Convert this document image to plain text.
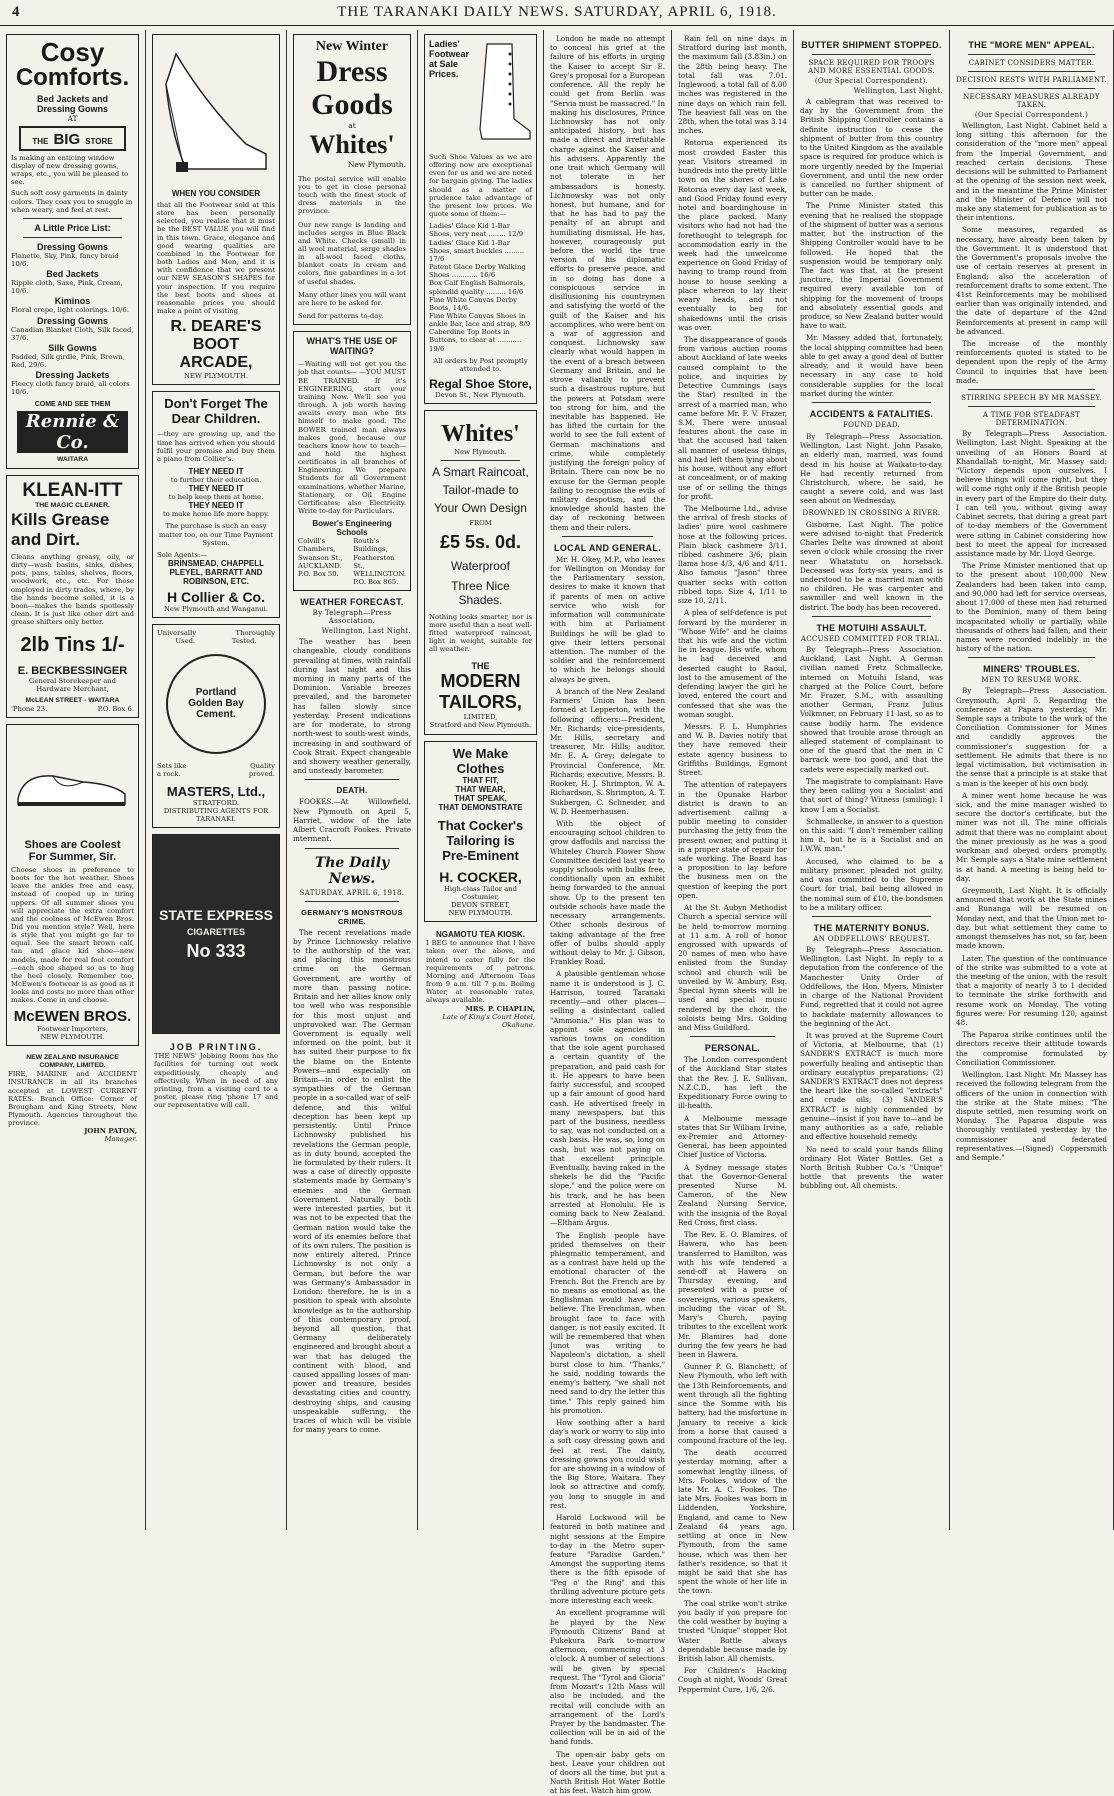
4	THE TARANAKI DAILY NEWS. SATURDAY, APRIL 6, 1918.
Cosy
Comforts.
Bed Jackets and
Dressing Gowns
AT
THE BIG STORE
Is making an enticing window display of new dressing gowns, wraps, etc., you will be pleased to see.
Such soft cosy garments in dainty colors. They coax you to snuggle in when weary, and feel at rest.
A Little Price List:
Dressing Gowns
Flanette, Sky, Pink, fancy braid 10/6.
Bed Jackets
Ripple cloth, Saxe, Pink, Cream, 10/6.
Kiminos
Floral crepe, light colorings. 10/6.
Dressing Gowns
Canadian Blanket Cloth, Silk faced, 37/6.
Silk Gowns
Padded, Silk girdle, Pink, Brown, Red, 29/6.
Dressing Jackets
Fleecy cloth fancy braid, all colors 10/6.
COME AND SEE THEM
Rennie & Co.
WAITARA
KLEAN-ITT
THE MAGIC CLEANER.
Kills Grease
and Dirt.
Cleans anything greasy, oily, or dirty—wash basins, sinks, dishes, pots, pans, tables, shelves, floors, woodwork, etc., etc. For those employed in dirty trades, where, by the hands become soiled, it is a boon—makes the hands spotlessly clean. It is just like other dirt and grease shifters only better.
2lb Tins 1/-
E. BECKBESSINGER
General Storekeeper and Hardware Merchant,
McLEAN STREET - WAITARA
'Phone 23.	P.O. Box 6.
Shoes are Coolest
For Summer, Sir.
Choose shoes in preference to boots for the hot weather. Shoes leave the ankles free and easy, instead of cooped up in tiring uppers. Of all summer shoes you will appreciate the extra comfort and the coolness of McEwen Bros. Did you mention style? Well, here is style that you might go far to equal. See the smart brown calf, tan and glace kid shoe—new models, made for real foot comfort—each shoe shaped so as to hug the heel closely. Remember too, McEwen's footwear is as good as it looks and costs no more than other makes. Come in and choose.
McEWEN BROS.
Footwear Importers,
NEW PLYMOUTH.
NEW ZEALAND INSURANCE COMPANY, LIMITED.
FIRE, MARINE and ACCIDENT INSURANCE in all its branches accepted at LOWEST CURRENT RATES. Branch Office: Corner of Brougham and King Streets, New Plymouth. Agencies throughout the province.
JOHN PATON,
Manager.
WHEN YOU CONSIDER
that all the Footwear sold at this store has been personally selected, you realise that it must be the BEST VALUE you will find in this town. Grace, elegance and good wearing qualities are combined in the Footwear for both Ladies and Men, and it is with confidence that we present our NEW SEASON'S SHAPES for your inspection. If you require the best boots and shoes at reasonable prices you should make a point of visiting
R. DEARE'S
BOOT
ARCADE,
NEW PLYMOUTH.
Don't Forget The
Dear Children.
—they are growing up, and the time has arrived when you should fulfil your promise and buy them a piano from Collier's.
THEY NEED IT
to further their education.
THEY NEED IT
to help keep them at home.
THEY NEED IT
to make home life more happy.
The purchase is such an easy matter too, on our Time Payment System.
Sole Agents:—
BRINSMEAD, CHAPPELL PLEYEL, BARRATT AND ROBINSON, ETC.
H Collier & Co.
New Plymouth and Wanganui.
Universally	Thoroughly
Used.	Tested.
Portland
Golden Bay
Cement.
Sets like	Quality
a rock.	proved.
MASTERS, Ltd.,
STRATFORD.
DISTRIBUTING AGENTS FOR TARANAKI.
STATE EXPRESS
CIGARETTES
No 333
JOB PRINTING.
THE NEWS' Jobbing Room has the facilities for turning out work expeditiously, cheaply and effectively. When in need of any printing, from a visiting card to a poster, please ring 'phone 17 and our representative will call.
New Winter
Dress
Goods
at
Whites'
New Plymouth.
The postal service will enable you to get in close personal touch with the finest stock of dress materials in the province.
Our new range is landing and includes serges in Blue Black and White. Checks (small) in all wool material, serge shades in all-wool faced cloths, blanket coats in cream and colors, fine gabardines in a lot of useful shades.
Many other lines you will want are here to be asked for.
Send for patterns to-day.
WHAT'S THE USE OF WAITING?
—Waiting will not get you the job that counts— —YOU MUST BE TRAINED. If it's ENGINEERING, start your training Now. We'll see you through. A job worth having awaits every man who fits himself to make good. The BOWER trained man always makes good, because our teachers know how to teach—and hold the highest certificates in all branches of Engineering. We prepare Students for all Government examinations, whether Marine, Stationary, or Oil Engine Certificates; also Electricity. Write to-day for Particulars.
Bower's Engineering Schools
Colvill's Chambers, Swanson St., AUCKLAND. P.O. Box 50.
Routh's Buildings, Featherston St., WELLINGTON. P.O. Box 865.
WEATHER FORECAST.
By Telegraph—Press Association.
Wellington, Last Night.

The weather has been changeable, cloudy conditions prevailing at times, with rainfall during last night and this morning in many parts of the Dominion. Variable breezes prevailed, and the barometer has fallen slowly since yesterday. Present indications are for moderate, to strong north-west to south-west winds, increasing in and southward of Cook Strait. Expect changeable and showery weather generally, and unsteady barometer.

DEATH.

FOOKES.—At Willowfield, New Plymouth on April 5, Harriet, widow of the late Albert Cracroft Fookes. Private interment.

The Daily News.
SATURDAY, APRIL 6, 1918.
GERMANY'S MONSTROUS CRIME.

The recent revelations made by Prince Lichnowsky relative to the authorship of the war, and placing this monstrous crime on the German Government, are worthy of more than passing notice. Britain and her allies know only too well who was responsible for this most unjust and unprovoked war. The German Government is equally well informed on the point, but it has suited their purpose to fix the blame on the Entente Powers—and especially on Britain—in order to enlist the sympathies of the German people in a so-called war of self-defence, and this wilful deception has been kept up persistently. Until Prince Lichnowsky published his revelations the German people, as in duty bound, accepted the lie formulated by their rulers. It was a case of directly opposite statements made by Germany's enemies and the German Government. Naturally both were interested parties, but it was not to be expected that the German nation would take the word of its enemies before that of its own rulers. The position is now entirely altered. Prince Lichnowsky is not only a German, but before the war was Germany's Ambassador in London; therefore, he is in a position to speak with absolute knowledge as to the authorship of this contemporary proof, beyond all question, that Germany deliberately engineered and brought about a war that has deluged the continent with blood, and caused appalling losses of man-power and treasure, besides devastating cities and country, destroying ships, and causing unspeakable suffering, the traces of which will be visible for many years to come.

Ladies'
Footwear
at Sale
Prices.
Such Shoe Values as we are offering now are exceptional even for us and we are noted for bargain giving. The ladies should as a matter of prudence take advantage of the present low prices. We quote some of them:—
Ladies' Glace Kid 1-Bar Shoes, very neat ........ 12/9
Ladies' Glace Kid 1-Bar Shoes, smart buckles ......... 17/6
Patent Glace Derby Walking Shoes ............ 16/6
Box Calf English Balmorals, splendid quality ......... 16/6
Fine White Canvas Derby Boots, 14/6.
Fine White Canvas Shoes in ankle Bar, lace and strap, 8/9
Caberdine Top Boots in Buttons, to clear at ........... 19/6
All orders by Post promptly attended to.
Regal Shoe Store,
Devon St., New Plymouth.
Whites'
New Plymouth.
A Smart Raincoat,
Tailor-made to
Your Own Design
FROM
£5 5s. 0d.
Waterproof
Three Nice
Shades.
Nothing looks smarter, nor is more useful than a neat well-fitted waterproof raincoat, light in weight, suitable for all weather.
THE
MODERN
TAILORS,
LIMITED,
Stratford and New Plymouth.
We Make Clothes
THAT FIT,
THAT WEAR,
THAT SPEAK,
THAT DEMONSTRATE
That Cocker's
Tailoring is
Pre-Eminent
H. COCKER,
High-class Tailor and Costumier,
DEVON STREET,
NEW PLYMOUTH.
NGAMOTU TEA KIOSK.
I BEG to announce that I have taken over the above, and intend to cater fully for the requirements of patrons. Morning and Afternoon Teas from 9 a.m. till 7 p.m. Boiling Water, at reasonable rates, always available.
MRS. P. CHAPLIN,
Late of King's Court Hotel, Okahune.

London he made no attempt to conceal his grief at the failure of his efforts in urging the Kaiser to accept Sir E. Grey's proposal for a European conference. All the reply he could get from Berlin was "Servia must be massacred." In making his disclosures, Prince Lichnowsky has not only anticipated history, but has made a direct and irrefutable charge against the Kaiser and his advisers. Apparently the one trait which Germany will not tolerate in her ambassadors is honesty. Lichnowsky was not only honest, but humane, and for that he has had to pay the penalty of an abrupt and humiliating dismissal. He has, however, courageously put before the world the true version of his diplomatic efforts to preserve peace, and in so doing has done a conspicuous service in disillusioning his countrymen and satisfying the world of the guilt of the Kaiser and his accomplices, who were bent on a war of aggression and conquest. Lichnowsky saw clearly what would happen in the event of a breach between Germany and Britain, and he strove valiantly to prevent such a disastrous rupture, but the powers at Potsdam were too strong for him, and the inevitable has happened. He has lifted the curtain for the world to see the full extent of German machinations and crime, while completely justifying the foreign policy of Britain. There can now be no excuse for the German people failing to recognise the evils of military despotism, and the knowledge should hasten the day of reckoning between them and their rulers.

LOCAL AND GENERAL.

Mr. H. Okey, M.P., who leaves for Wellington on Monday for the Parliamentary session, desires to make it known that if parents of men on active service who wish for information will communicate with him at Parliament Buildings he will be glad to give their letters personal attention. The number of the soldier and the reinforcement to which he belongs should always be given.

A branch of the New Zealand Farmers' Union has been formed at Lepperton, with the following officers:—President, Mr. Richards; vice-presidents, Mr. Hills, secretary and treasurer, Mr. Hills; auditor, Mr. E. A. Grey; delegate to Provincial Conference, Mr. Richards; executive, Messrs. B. Rooker, H. J. Shrimpton, W. A. Richardson, S. Shrimpton, A. T. Sukbergen, C. Schneider, and W. D. Heemerhausen.

With the object of encouraging school children to grow daffodils and narcissi the Whiteley Church Flower Show Committee decided last year to supply schools with bulbs free, conditionally upon an exhibit being forwarded to the annual show. Up to the present ten outside schools have made the necessary arrangements. Other schools desirous of taking advantage of the free offer of bulbs should apply without delay to Mr. J. Gibson, Frankley Road.

A plausible gentleman whose name it is understood is J. C. Harrison, toured Taranaki recently—and other places—selling a disinfectant called "Ammonia." His plan was to appoint sole agencies in various towns on condition that the sole agent purchased a certain quantity of the preparation, and paid cash for it. He appears to have been fairly successful, and scooped up a fair amount of good hard cash. He advertised freely in many newspapers, but this part of the business, needless to say, was not conducted on a cash basis. He was, so, long on cash, but was not paying on that excellent principle. Eventually, having raked in the shekels he did the "Pacific slope," and the police were on his track, and he has been arrested at Honolulu. He is coming back to New Zealand.—Eltham Argus.

The English people have prided themselves on their phlegmatic temperament, and as a contrast have held up the emotional character of the French. But the French are by no means as emotional as the Englishman would have one believe. The Frenchman, when brought face to face with danger, is not easily excited. It will be remembered that when Junot was writing to Napoleon's dictation, a shell burst close to him. "Thanks," he said, nodding towards the enemy's battery, "we shall not need sand to dry the letter this time." This reply gained him his promotion.

How soothing after a hard day's work or worry to slip into a soft cosy dressing gown and feel at rest. The dainty, dressing gowns you could wish for are showing in a window of the Big Store, Waitara. They look so attractive and comfy, you long to snuggle in and rest.

Harold Lockwood will be featured in both matinee and night sessions at the Empire to-day in the Metro super-feature "Paradise Garden." Amongst the supporting items there is the fifth episode of "Peg o' the Ring" and this thrilling adventure picture gets more interesting each week.

An excellent programme will be played by the New Plymouth Citizens' Band at Pukekura Park to-morrow afternoon, commencing at 3 o'clock. A number of selections will be given by special request. The "Tyrol and Gloria" from Mozart's 12th Mass will also be included, and the recital will conclude with an arrangement of the Lord's Prayer by the bandmaster. The collection will be in aid of the band funds.

The open-air baby gets on best. Leave your children out of doors all the time, but put a North British Hot Water Bottle at his feet. Watch him grow.

Rain fell on nine days in Stratford during last month, the maximum fall (3.83in.) on the 28th being heavy. The total fall was 7.01. Inglewood, a total fall of 8.00 inches was registered in the nine days on which rain fell. The heaviest fall was on the 28th, when the total was 3.14 inches.

Rotorua experienced its most crowded Easter this year. Visitors streamed in hundreds into the pretty little town on the shores of Lake Rotorua every day last week, and Good Friday found every hotel and boardinghouse in the place packed. Many visitors who had not had the forethought to telegraph for accommodation early in the week had the unwelcome experience on Good Friday of having to tramp round from house to house seeking a place whereon to lay their weary heads, and not eventually to beg for shakedowns until the crisis was over.

The disappearance of goods from various auction rooms about Auckland of late weeks caused complaint to the police, and inquiries by Detective Cummings (says the Star) resulted in the arrest of a married man, who came before Mr. F. V. Frazer, S.M. There were unusual features about the case in that the accused had taken all manner of useless things, and had left them lying about his house, without any effort at concealment, or of making use of or selling the things for profit.

The Melbourne Ltd., advise the arrival of fresh stocks of ladies' pure wool cashmere hose at the following prices. Plain black cashmere 3/11, ribbed cashmere 3/6; plain llama hose 4/3, 4/6 and 4/11. Also famous "Jason" three quarter socks with cotton ribbed tops. Size 4, 1/11 to size 10, 2/11.

A plea of self-defence is put forward by the murderer in "Whose Wife" and he claims that his wife and the victim lie in league. His wife, whom he had deceived and deserted caught to Raoul, lost to the amusement of the defending lawyer the girl he loved, entered the court and confessed that she was the woman sought.

Messrs. F. L. Humphries and W. B. Davies notify that they have removed their estate agency business to Griffiths Buildings, Egmont Street.

The attention of ratepayers in the Opunake Harbor district is drawn to an advertisement calling a public meeting to consider purchasing the jetty from the present owner, and putting it in a proper state of repair for safe working. The Board has a proposition to lay before the business men on the question of keeping the port open.

At the St. Aubyn Methodist Church a special service will be held to-morrow morning at 11 a.m. A roll of honor engrossed with upwards of 20 names of men who have enlisted from the Sunday school and church will be unveiled by W. Ambury, Esq. Special hymn sheets will be used and special music rendered by the choir, the soloists being Mrs. Golding and Miss Guildford.

PERSONAL.

The London correspondent of the Auckland Star states that the Rev. J. E. Sullivan, N.Z.C.D., has left the Expeditionary Force owing to ill-health.

A Melbourne message states that Sir William Irvine, ex-Premier and Attorney-General, has been appointed Chief Justice of Victoria.

A Sydney message states that the Governor-General presented Nurse M. Cameron, of the New Zealand Nursing Service, with the insignia of the Royal Red Cross, first class.

The Rev. E. O. Blamires, of Hawera, who has been transferred to Hamilton, was with his wife tendered a send-off at Hawera on Thursday evening, and presented with a purse of sovereigns, various speakers, including the vicar of St. Mary's Church, paying tributes to the excellent work Mr. Blamires had done during the few years he had been in Hawera.

Gunner P. G. Blanchett, of New Plymouth, who left with the 13th Reinforcements, and went through all the fighting since the Somme with his battery, had the misfortune in January to receive a kick from a horse that caused a compound fracture of the leg.

The death occurred yesterday morning, after a somewhat lengthy illness, of Mrs. Fookes, widow of the late Mr. A. C. Fookes. The late Mrs. Fookes was born in Liddenden, Yorkshire, England, and came to New Zealand 64 years ago, settling at once in New Plymouth, from the same house, which was then her father's residence, so that it might be said that she has spent the whole of her life in the town.

The coal strike won't strike you badly if you prepare for the cold weather by buying a trusted "Unique" stopper Hot Water Bottle always dependable because made by British labor. All chemists.

For Children's Hacking Cough at night, Woods' Great Peppermint Cure, 1/6, 2/6.

BUTTER SHIPMENT STOPPED.
SPACE REQUIRED FOR TROOPS AND MORE ESSENTIAL GOODS.
(Our Special Correspondent).
Wellington, Last Night.

A cablegram that was received to-day by the Government from the British Shipping Controller contains a definite instruction to cease the shipment of butter from this country to the United Kingdom as the available space is required for produce which is more urgently needed by the Imperial Government, and until the new order is cancelled no further shipment of butter can be made.

The Prime Minister stated this evening that he realised the stoppage of the shipment of butter was a serious matter, but the instruction of the Shipping Controller would have to be followed. He hoped that the suspension would be temporary only. The fact was that, at the present juncture, the Imperial Government required every available ton of shipping for the movement of troops and absolutely essential goods and produce, so New Zealand butter would have to wait.

Mr. Massey added that, fortunately, the local shipping committee had been able to get away a good deal of butter already, and it would have been necessary in any case to hold considerable supplies for the local market during the winter.

ACCIDENTS & FATALITIES.
FOUND DEAD.

By Telegraph—Press Association. Wellington, Last Night. John Pasako, an elderly man, married, was found dead in his house at Waikato-to-day. He had recently returned from Christchurch, where, he said, he caught a severe cold, and was last seen about on Wednesday.

DROWNED IN CROSSING A RIVER.

Gisborne, Last Night. The police were advised to-night that Frederick Charles Delte was drowned at about seven o'clock while crossing the river near Whatatutu on horseback. Deceased was forty-six years, and is understood to be a married man with no children. He was carpenter and sawmiller and well known in the district. The body has been recovered.

THE MOTUIHI ASSAULT.
ACCUSED COMMITTED FOR TRIAL.

By Telegraph—Press Association. Auckland, Last Night. A German civilian named Fretz Schmallecke, interned on Motuihi Island, was charged at the Police Court, before Mr. Frazer, S.M., with assaulting another German, Franz Julius Volkmner, on February 11 last, so as to cause bodily harm. The evidence showed that trouble arose through an alleged statement of complainant to one of the guard that the men in C barrack were too good, and that the cadets were especially marked out.

The magistrate to complainant: Have they been calling you a Socialist and that sort of thing? Witness (smiling): I know I am a Socialist.

Schmallecke, in answer to a question on this said: "I don't remember calling him it, but he is a Socialist and an I.W.W. man."

Accused, who claimed to be a military prisoner, pleaded not guilty, and was committed to the Supreme Court for trial, bail being allowed in the nominal sum of £10, the bondsmen to be a military officer.

THE MATERNITY BONUS.
AN ODDFELLOWS' REQUEST.

By Telegraph—Press Association. Wellington, Last Night. In reply to a deputation from the conference of the Manchester Unity Order of Oddfellows, the Hon. Myers, Minister in charge of the National Provident Fund, regretted that it could not agree to backdate maternity allowances to the beginning of the Act.

It was proved at the Supreme Court of Victoria, at Melbourne, that (1) SANDER'S EXTRACT is much more powerfully healing and antiseptic than ordinary eucalyptus preparations; (2) SANDER'S EXTRACT does not depress the heart like the so-called "extracts" and crude oils; (3) SANDER'S EXTRACT is highly commended by genuine—insist if you have to—and be many authorities as a safe, reliable and effective household remedy.

No need to scald your hands filling ordinary Hot Water Bottles. Get a North British Rubber Co.'s "Unique" bottle that prevents the water bubbling out. All chemists.

THE "MORE MEN" APPEAL.
CABINET CONSIDERS MATTER.
DECISION RESTS WITH PARLIAMENT.
NECESSARY MEASURES ALREADY TAKEN.
(Our Special Correspondent.)

Wellington, Last Night. Cabinet held a long sitting this afternoon for the consideration of the "more men" appeal from the Imperial Government, and reached certain decisions. These decisions will be submitted to Parliament at the opening of the session next week, and in the meantime the Prime Minister and the Minister of Defence will not make any statement for publication as to their intentions.

Some measures, regarded as necessary, have already been taken by the Government. It is understood that the Government's proposals involve the use of certain reserves at present in England; also the acceleration of reinforcement drafts to some extent. The 41st Reinforcements may be mobilised earlier than was originally intended, and the date of departure of the 42nd Reinforcements at present in camp will be advanced.

The increase of the monthly reinforcements quoted is stated to be dependent upon the reply of the Army Council to inquiries that have been made.

STIRRING SPEECH BY MR MASSEY.
A TIME FOR STEADFAST DETERMINATION.

By Telegraph—Press Association. Wellington, Last Night. Speaking at the unveiling of an Honors Board at Khandallah to-night, Mr. Massey said: "Victory depends upon ourselves. I believe things will come right, but they will come right only if the British people in every part of the Empire do their duty. I can tell you, without giving away Cabinet secrets, that during a great part of to-day members of the Government were sitting in Cabinet considering how best to meet the appeal for increased assistance made by Mr. Lloyd George.

The Prime Minister mentioned that up to the present about 100,000 New Zealanders had been taken into camp, and 90,000 had left for service overseas, about 17,000 of these men had returned to the Dominion, many of them being incapacitated wholly or partially, while thousands of others had fallen, and their names were recorded indelibly in the history of the nation.

MINERS' TROUBLES.
MEN TO RESUME WORK.

By Telegraph—Press Association. Greymouth, April 5. Regarding the conference at Papara yesterday, Mr. Semple says a tribute to the work of the Conciliation Commissioner for Mines and candidly approves the commissioner's suggestion for a settlement. He admits that there is no legal victimisation, but victimisation in the sense that a principle is at stake that a man is the keeper of his own body.

A miner went home because he was sick, and the mine manager wished to secure the doctor's certificate, but the miner was not ill. The mine officials admit that there was no complaint about the miner previously as he was a good workman and obeyed orders promptly. Mr. Semple says a State mine settlement is at hand. A meeting is being held to-day.

Greymouth, Last Night. It is officially announced that work at the State mines and Runanga will be resumed on Monday next, and that the Union met to-day, but what settlement they came to amongst themselves has not, so far, been made known.

Later. The question of the continuance of the strike was submitted to a vote at the meeting of the union, with the result that a majority of nearly 3 to 1 decided to terminate the strike forthwith and resume work on Monday. The voting figures were: For resuming 120, against 48.

The Paparoa strike continues until the directors receive their attitude towards the compromise formulated by Conciliation Commissioner.

Wellington, Last Night. Mr. Massey has received the following telegram from the officers of the union in connection with the strike at the State mines: "The dispute settled, men resuming work on Monday. The Paparoa dispute was thoroughly ventilated yesterday by the commissioner and federated representatives.—(Signed) Coppersmith and Semple."
